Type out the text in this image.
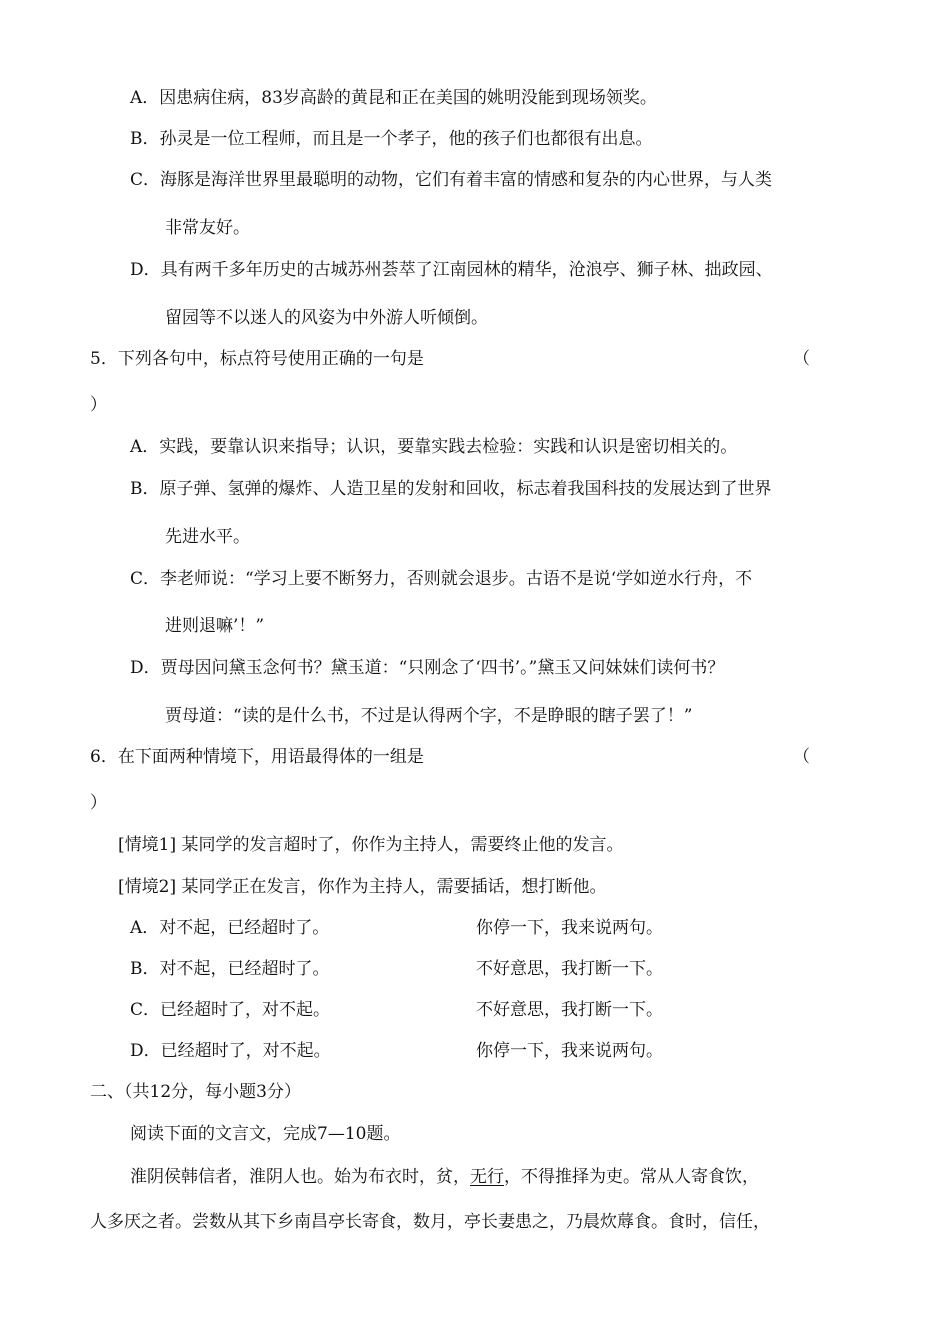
A．因患病住病，83岁高龄的黄昆和正在美国的姚明没能到现场领奖。
B．孙灵是一位工程师，而且是一个孝子，他的孩子们也都很有出息。
C．海豚是海洋世界里最聪明的动物，它们有着丰富的情感和复杂的内心世界，与人类
非常友好。
D．具有两千多年历史的古城苏州荟萃了江南园林的精华，沧浪亭、狮子林、拙政园、
留园等不以迷人的风姿为中外游人听倾倒。
5．下列各句中，标点符号使用正确的一句是	（
）
A．实践，要靠认识来指导；认识，要靠实践去检验：实践和认识是密切相关的。
B．原子弹、氢弹的爆炸、人造卫星的发射和回收，标志着我国科技的发展达到了世界
先进水平。
C．李老师说：“学习上要不断努力，否则就会退步。古语不是说‘学如逆水行舟，不
进则退嘛’！”
D．贾母因问黛玉念何书？黛玉道：“只刚念了‘四书’。”黛玉又问妹妹们读何书？
贾母道：“读的是什么书，不过是认得两个字，不是睁眼的瞎子罢了！”
6．在下面两种情境下，用语最得体的一组是	（
）
[情境1] 某同学的发言超时了，你作为主持人，需要终止他的发言。
[情境2] 某同学正在发言，你作为主持人，需要插话，想打断他。
A．对不起，已经超时了。	你停一下，我来说两句。
B．对不起，已经超时了。	不好意思，我打断一下。
C．已经超时了，对不起。	不好意思，我打断一下。
D．已经超时了，对不起。	你停一下，我来说两句。
二、（共12分，每小题3分）
阅读下面的文言文，完成7—10题。
淮阴侯韩信者，淮阴人也。始为布衣时，贫，无行，不得推择为吏。常从人寄食饮，
人多厌之者。尝数从其下乡南昌亭长寄食，数月，亭长妻患之，乃晨炊蓐食。食时，信任，
